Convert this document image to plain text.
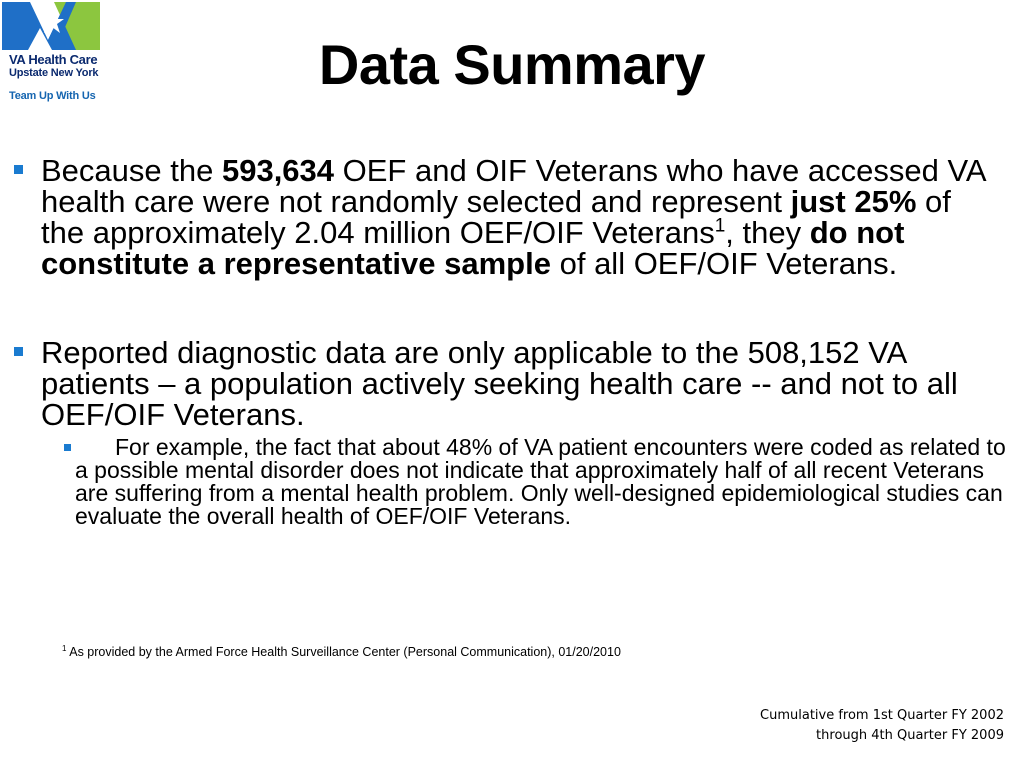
VA Health Care
Upstate New York
Team Up With Us	Data Summary
Because the 593,634 OEF and OIF Veterans who have accessed VA health care were not randomly selected and represent just 25% of the approximately 2.04 million OEF/OIF Veterans$^1$, they do not constitute a representative sample of all OEF/OIF Veterans.
Reported diagnostic data are only applicable to the 508,152 VA patients – a population actively seeking health care -- and not to all OEF/OIF Veterans.
For example, the fact that about 48% of VA patient encounters were coded as related to a possible mental disorder does not indicate that approximately half of all recent Veterans are suffering from a mental health problem. Only well-designed epidemiological studies can evaluate the overall health of OEF/OIF Veterans.
$^1$ As provided by the Armed Force Health Surveillance Center (Personal Communication), 01/20/2010
Cumulative from 1st Quarter FY 2002
through 4th Quarter FY 2009
